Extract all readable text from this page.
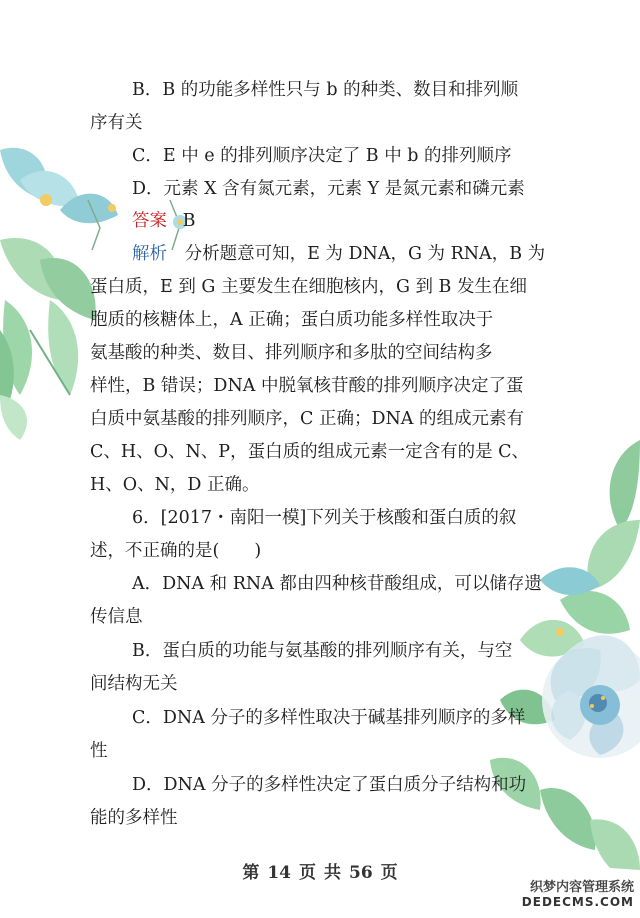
B．B 的功能多样性只与 b 的种类、数目和排列顺
序有关
C．E 中 e 的排列顺序决定了 B 中 b 的排列顺序
D．元素 X 含有氮元素，元素 Y 是氮元素和磷元素
答案 B
解析 分析题意可知，E 为 DNA，G 为 RNA，B 为
蛋白质，E 到 G 主要发生在细胞核内，G 到 B 发生在细
胞质的核糖体上，A 正确；蛋白质功能多样性取决于
氨基酸的种类、数目、排列顺序和多肽的空间结构多
样性，B 错误；DNA 中脱氧核苷酸的排列顺序决定了蛋
白质中氨基酸的排列顺序，C 正确；DNA 的组成元素有
C、H、O、N、P，蛋白质的组成元素一定含有的是 C、
H、O、N，D 正确。
6．[2017・南阳一模]下列关于核酸和蛋白质的叙
述，不正确的是(　　)
A．DNA 和 RNA 都由四种核苷酸组成，可以储存遗
传信息
B．蛋白质的功能与氨基酸的排列顺序有关，与空
间结构无关
C．DNA 分子的多样性取决于碱基排列顺序的多样
性
D．DNA 分子的多样性决定了蛋白质分子结构和功
能的多样性
第 14 页 共 56 页
织梦内容管理系统
DEDECMS.COM
